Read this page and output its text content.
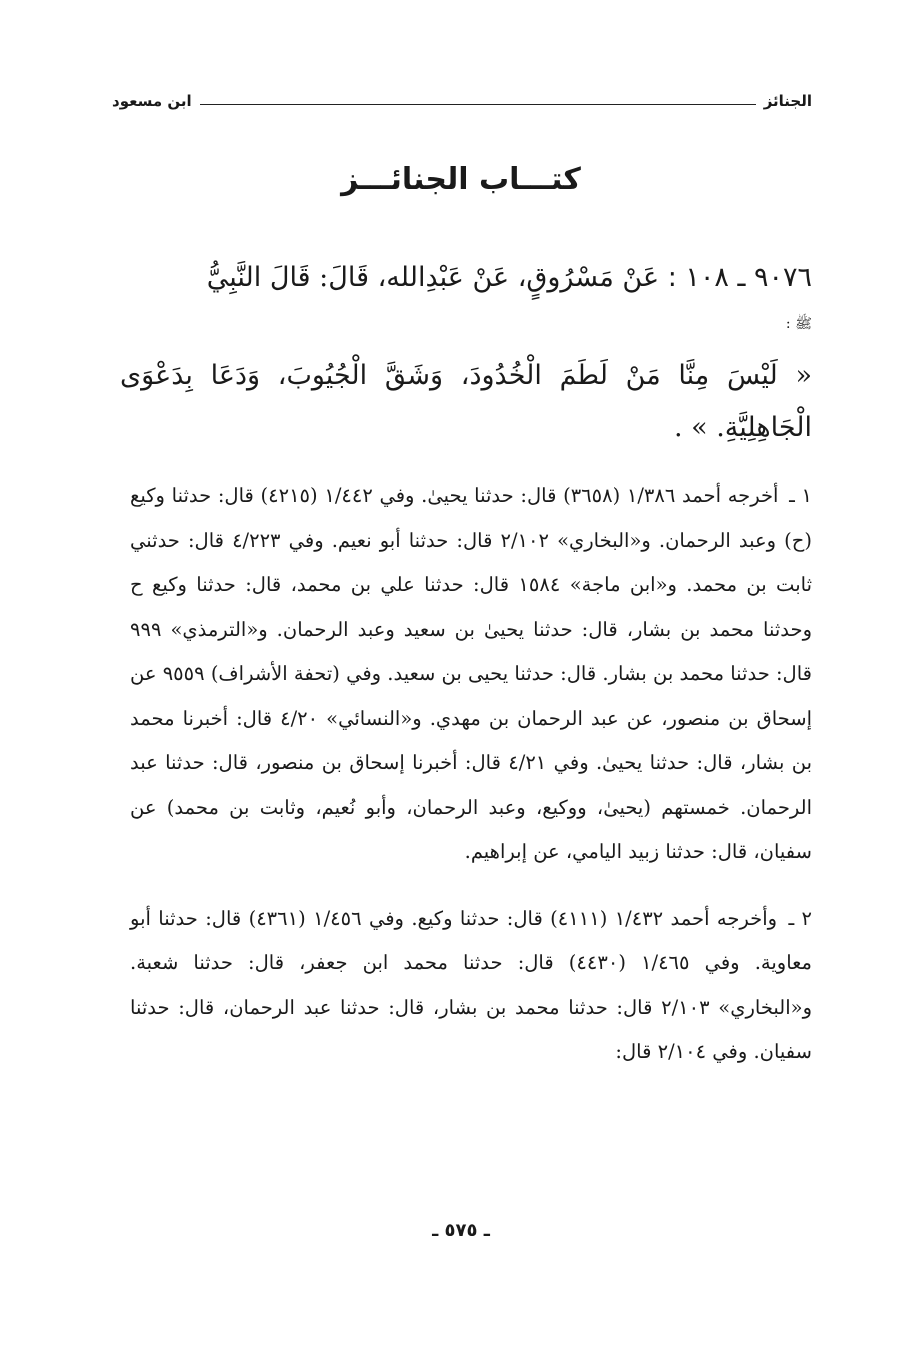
الجنائز
ابن مسعود
كتـــاب الجنائـــز
٩٠٧٦ ـ ١٠٨ : عَنْ مَسْرُوقٍ، عَنْ عَبْدِالله، قَالَ: قَالَ النَّبِيُّ
ﷺ :
« لَيْسَ مِنَّا مَنْ لَطَمَ الْخُدُودَ، وَشَقَّ الْجُيُوبَ، وَدَعَا بِدَعْوَى الْجَاهِلِيَّةِ. » .

١ ـ أخرجه أحمد ١/٣٨٦ (٣٦٥٨) قال: حدثنا يحيىٰ. وفي ١/٤٤٢ (٤٢١٥) قال: حدثنا وكيع (ح) وعبد الرحمان. و«البخاري» ٢/١٠٢ قال: حدثنا أبو نعيم. وفي ٤/٢٢٣ قال: حدثني ثابت بن محمد. و«ابن ماجة» ١٥٨٤ قال: حدثنا علي بن محمد، قال: حدثنا وكيع ح وحدثنا محمد بن بشار، قال: حدثنا يحيىٰ بن سعيد وعبد الرحمان. و«الترمذي» ٩٩٩ قال: حدثنا محمد بن بشار. قال: حدثنا يحيى بن سعيد. وفي (تحفة الأشراف) ٩٥٥٩ عن إسحاق بن منصور، عن عبد الرحمان بن مهدي. و«النسائي» ٤/٢٠ قال: أخبرنا محمد بن بشار، قال: حدثنا يحيىٰ. وفي ٤/٢١ قال: أخبرنا إسحاق بن منصور، قال: حدثنا عبد الرحمان. خمستهم (يحيىٰ، ووكيع، وعبد الرحمان، وأبو نُعيم، وثابت بن محمد) عن سفيان، قال: حدثنا زبيد اليامي، عن إبراهيم.

٢ ـ وأخرجه أحمد ١/٤٣٢ (٤١١١) قال: حدثنا وكيع. وفي ١/٤٥٦ (٤٣٦١) قال: حدثنا أبو معاوية. وفي ١/٤٦٥ (٤٤٣٠) قال: حدثنا محمد ابن جعفر، قال: حدثنا شعبة. و«البخاري» ٢/١٠٣ قال: حدثنا محمد بن بشار، قال: حدثنا عبد الرحمان، قال: حدثنا سفيان. وفي ٢/١٠٤ قال:

ـ ٥٧٥ ـ
